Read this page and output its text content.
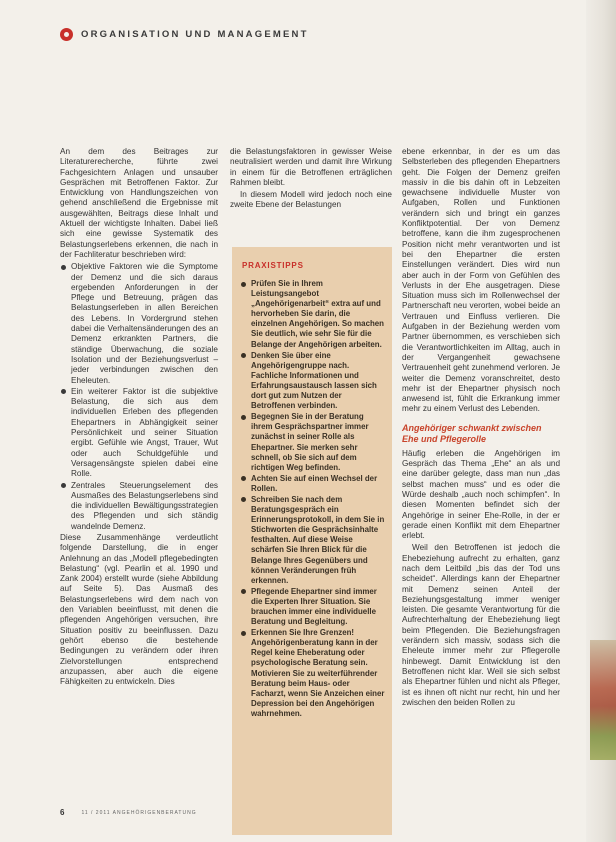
ORGANISATION UND MANAGEMENT

An dem des Beitrages zur Literaturerecherche, führte zwei Fachgesichtern Anlagen und unsauber Gesprächen mit Betroffenen Faktor. Zur Entwicklung von Handlungszeichen von gehend anschließend die Ergebnisse mit ausgewählten, Beitrags diese Inhalt und Aktuell der wichtigste Inhalten. Dabei ließ sich eine gewisse Systematik des Belastungserlebens erkennen, die nach in der Fachliteratur beschrieben wird:

Objektive Faktoren wie die Symptome der Demenz und die sich daraus ergebenden Anforderungen in der Pflege und Betreuung, prägen das Belastungserleben in allen Bereichen des Lebens. In Vordergrund stehen dabei die Verhaltensänderungen des an Demenz erkrankten Partners, die ständige Überwachung, die soziale Isolation und der Beziehungsverlust – jeder verbindungen zwischen den Eheleuten.
Ein weiterer Faktor ist die subjektive Belastung, die sich aus dem individuellen Erleben des pflegenden Ehepartners in Abhängigkeit seiner Persönlichkeit und seiner Situation ergibt. Gefühle wie Angst, Trauer, Wut oder auch Schuldgefühle und Versagensängste spielen dabei eine Rolle.
Zentrales Steuerungselement des Ausmaßes des Belastungserlebens sind die individuellen Bewältigungsstrategien des Pflegenden und sich ständig wandelnde Demenz.

Diese Zusammenhänge verdeutlicht folgende Darstellung, die in enger Anlehnung an das „Modell pflegebedingten Belastung“ (vgl. Pearlin et al. 1990 und Zank 2004) erstellt wurde (siehe Abbildung auf Seite 5). Das Ausmaß des Belastungserlebens wird dem nach von den Variablen beeinflusst, mit denen die pflegenden Angehörigen versuchen, ihre Situation positiv zu beeinflussen. Dazu gehört ebenso die bestehende Bedingungen zu verändern oder ihren Zielvorstellungen entsprechend anzupassen, aber auch die eigene Fähigkeiten zu entwickeln. Dies

die Belastungsfaktoren in gewisser Weise neutralisiert werden und damit ihre Wirkung in einem für die Betroffenen erträglichen Rahmen bleibt.

In diesem Modell wird jedoch noch eine zweite Ebene der Belastungen

PRAXISTIPPS
Prüfen Sie in Ihrem Leistungsangebot „Angehörigenarbeit“ extra auf und hervorheben Sie darin, die einzelnen Angehörigen. So machen Sie deutlich, wie sehr Sie für die Belange der Angehörigen arbeiten.
Denken Sie über eine Angehörigengruppe nach. Fachliche Informationen und Erfahrungsaustausch lassen sich dort gut zum Nutzen der Betroffenen verbinden.
Begegnen Sie in der Beratung ihrem Gesprächspartner immer zunächst in seiner Rolle als Ehepartner. Sie merken sehr schnell, ob Sie sich auf dem richtigen Weg befinden.
Achten Sie auf einen Wechsel der Rollen.
Schreiben Sie nach dem Beratungsgespräch ein Erinnerungsprotokoll, in dem Sie in Stichworten die Gesprächsinhalte festhalten. Auf diese Weise schärfen Sie Ihren Blick für die Belange Ihres Gegenübers und können Veränderungen früh erkennen.
Pflegende Ehepartner sind immer die Experten Ihrer Situation. Sie brauchen immer eine individuelle Beratung und Begleitung.
Erkennen Sie Ihre Grenzen! Angehörigenberatung kann in der Regel keine Eheberatung oder psychologische Beratung sein. Motivieren Sie zu weiterführender Beratung beim Haus- oder Facharzt, wenn Sie Anzeichen einer Depression bei den Angehörigen wahrnehmen.

ebene erkennbar, in der es um das Selbsterleben des pflegenden Ehepartners geht. Die Folgen der Demenz greifen massiv in die bis dahin oft in Lebzeiten gewachsene individuelle Muster von Aufgaben, Rollen und Funktionen verändern sich und bringt ein ganzes Konfliktpotential. Der von Demenz betroffene, kann die ihm zugesprochenen Position nicht mehr verantworten und ist bei den Ehepartner die ersten Einstellungen verändert. Dies wird nun aber auch in der Form von Gefühlen des Verlusts in der Ehe ausgetragen. Diese Situation muss sich im Rollenwechsel der Partnerschaft neu verorten, wobei beide an Vertrauen und Einfluss verlieren. Die Aufgaben in der Beziehung werden vom Partner übernommen, es verschieben sich die Verantwortlichkeiten im Alltag, auch in der Vergangenheit gewachsene Vertrauenheit geht zunehmend verloren. Je weiter die Demenz voranschreitet, desto mehr ist der Ehepartner physisch noch anwesend ist, fühlt die Erkrankung immer mehr zu einem Verlust des Lebenden.

Angehöriger schwankt zwischen Ehe und Pflegerolle

Häufig erleben die Angehörigen im Gespräch das Thema „Ehe“ an als und eine darüber gelegte, dass man nun „das selbst machen muss“ und es oder die Würde deshalb „auch noch schimpfen“. In diesen Momenten befindet sich der Angehörige in seiner Ehe-Rolle, in der er gerade einen Konflikt mit dem Ehepartner erlebt.

Weil den Betroffenen ist jedoch die Ehebeziehung aufrecht zu erhalten, ganz nach dem Leitbild „bis das der Tod uns scheidet“. Allerdings kann der Ehepartner mit Demenz seinen Anteil der Beziehungsgestaltung immer weniger leisten. Die gesamte Verantwortung für die Aufrechterhaltung der Ehebeziehung liegt beim Pflegenden. Die Beziehungsfragen verändern sich massiv, sodass sich die Eheleute immer mehr zur Pflegerolle hinbewegt. Damit Entwicklung ist den Betroffenen nicht klar. Weil sie sich selbst als Ehepartner fühlen und nicht als Pfleger, ist es ihnen oft nicht nur recht, hin und her zwischen den beiden Rollen zu

6	11 / 2011 ANGEHÖRIGENBERATUNG
